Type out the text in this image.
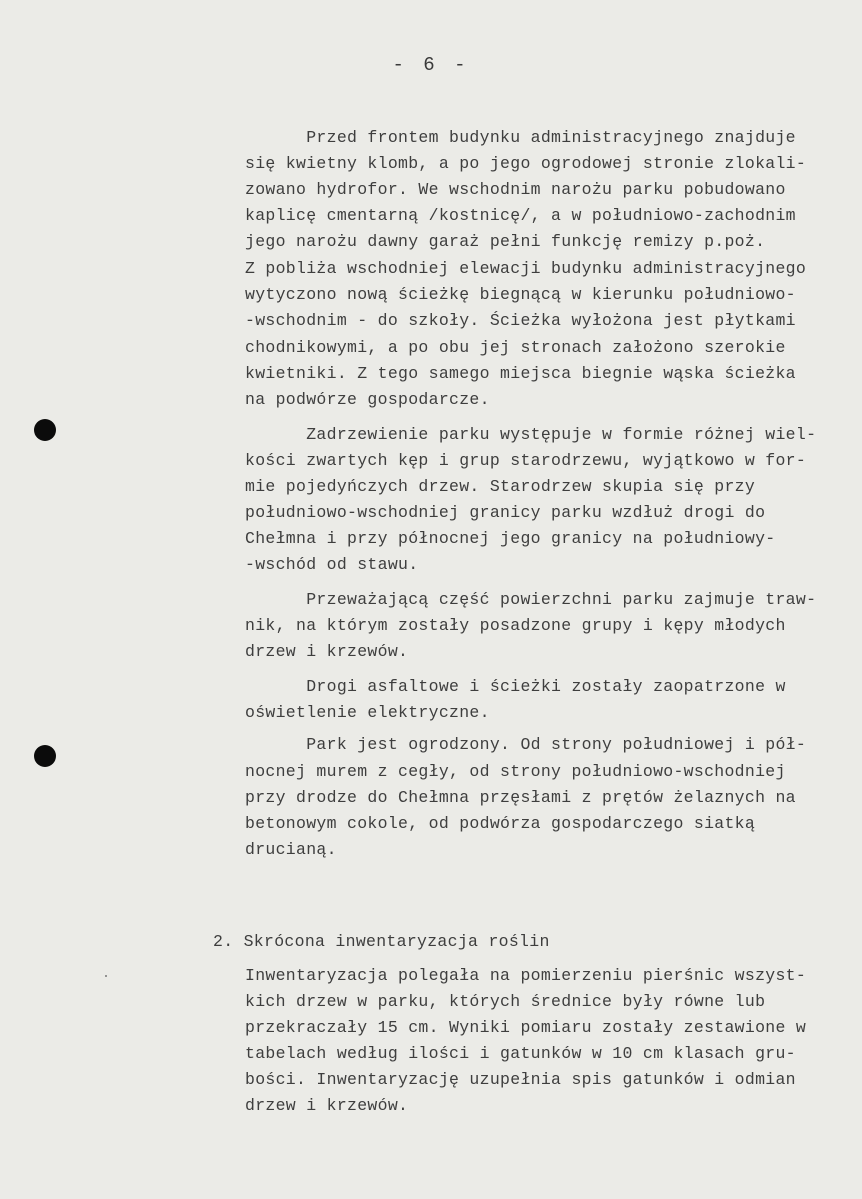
- 6 -
Przed frontem budynku administracyjnego znajduje
się kwietny klomb, a po jego ogrodowej stronie zlokali-
zowano hydrofor. We wschodnim narożu parku pobudowano
kaplicę cmentarną /kostnicę/, a w południowo-zachodnim
jego narożu dawny garaż pełni funkcję remizy p.poż.
Z pobliża wschodniej elewacji budynku administracyjnego
wytyczono nową ścieżkę biegnącą w kierunku południowo-
-wschodnim - do szkoły. Ścieżka wyłożona jest płytkami
chodnikowymi, a po obu jej stronach założono szerokie
kwietniki. Z tego samego miejsca biegnie wąska ścieżka
na podwórze gospodarcze.
Zadrzewienie parku występuje w formie różnej wiel-
kości zwartych kęp i grup starodrzewu, wyjątkowo w for-
mie pojedyńczych drzew. Starodrzew skupia się przy
południowo-wschodniej granicy parku wzdłuż drogi do
Chełmna i przy północnej jego granicy na południowy-
-wschód od stawu.
Przeważającą część powierzchni parku zajmuje traw-
nik, na którym zostały posadzone grupy i kępy młodych
drzew i krzewów.
Drogi asfaltowe i ścieżki zostały zaopatrzone w
oświetlenie elektryczne.
Park jest ogrodzony. Od strony południowej i pół-
nocnej murem z cegły, od strony południowo-wschodniej
przy drodze do Chełmna przęsłami z prętów żelaznych na
betonowym cokole, od podwórza gospodarczego siatką
drucianą.
2. Skrócona inwentaryzacja roślin
Inwentaryzacja polegała na pomierzeniu pierśnic wszyst-
kich drzew w parku, których średnice były równe lub
przekraczały 15 cm. Wyniki pomiaru zostały zestawione w
tabelach według ilości i gatunków w 10 cm klasach gru-
bości. Inwentaryzację uzupełnia spis gatunków i odmian
drzew i krzewów.
